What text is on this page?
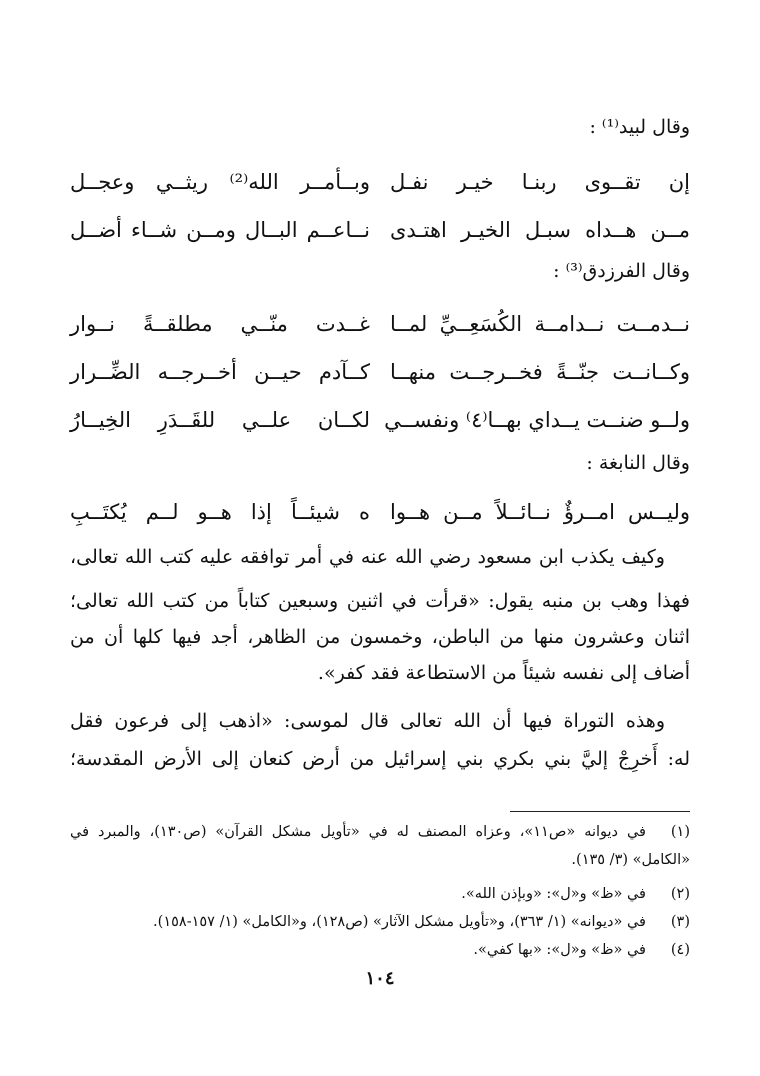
وقال لبيد⁽¹⁾ :
إن تقــوى ربنـا خيـر نفـل
وبــأمــر الله⁽²⁾ ريثــي وعجــل
مــن هــداه سبـل الخيـر اهتـدى
نــاعــم البــال ومــن شــاء أضــل
وقال الفرزدق⁽³⁾ :
نــدمــت نــدامــة الكُسَعِــيِّ لمــا
غــدت منّــي مطلقــةً نــوار
وكــانــت جنّــةً فخــرجــت منهــا
كــآدم حيــن أخــرجــه الضِّــرار
ولــو ضنــت يــداي بهــا⁽٤⁾ ونفســي
لكــان علــي للقَــدَرِ الخِيــارُ
وقال النابغة :
وليــس امــرؤٌ نــائــلاً مــن هــوا
ه شيئــاً إذا هــو لــم يُكتَــبِ
وكيف يكذب ابن مسعود رضي الله عنه في أمر توافقه عليه كتب الله تعالى،
فهذا وهب بن منبه يقول: «قرأت في اثنين وسبعين كتاباً من كتب الله تعالى؛
اثنان وعشرون منها من الباطن، وخمسون من الظاهر، أجد فيها كلها أن من
أضاف إلى نفسه شيئاً من الاستطاعة فقد كفر».
وهذه التوراة فيها أن الله تعالى قال لموسى: «اذهب إلى فرعون فقل
له: أَخرِجْ إليَّ بني بكري بني إسرائيل من أرض كنعان إلى الأرض المقدسة؛
(١)في ديوانه «ص١١»، وعزاه المصنف له في «تأويل مشكل القرآن» (ص١٣٠)، والمبرد في
«الكامل» (٣/ ١٣٥).
(٢)في «ظ» و«ل»: «وبإذن الله».
(٣)في «ديوانه» (١/ ٣٦٣)، و«تأويل مشكل الآثار» (ص١٢٨)، و«الكامل» (١/ ١٥٧-١٥٨).
(٤)في «ظ» و«ل»: «بها كفي».
١٠٤
